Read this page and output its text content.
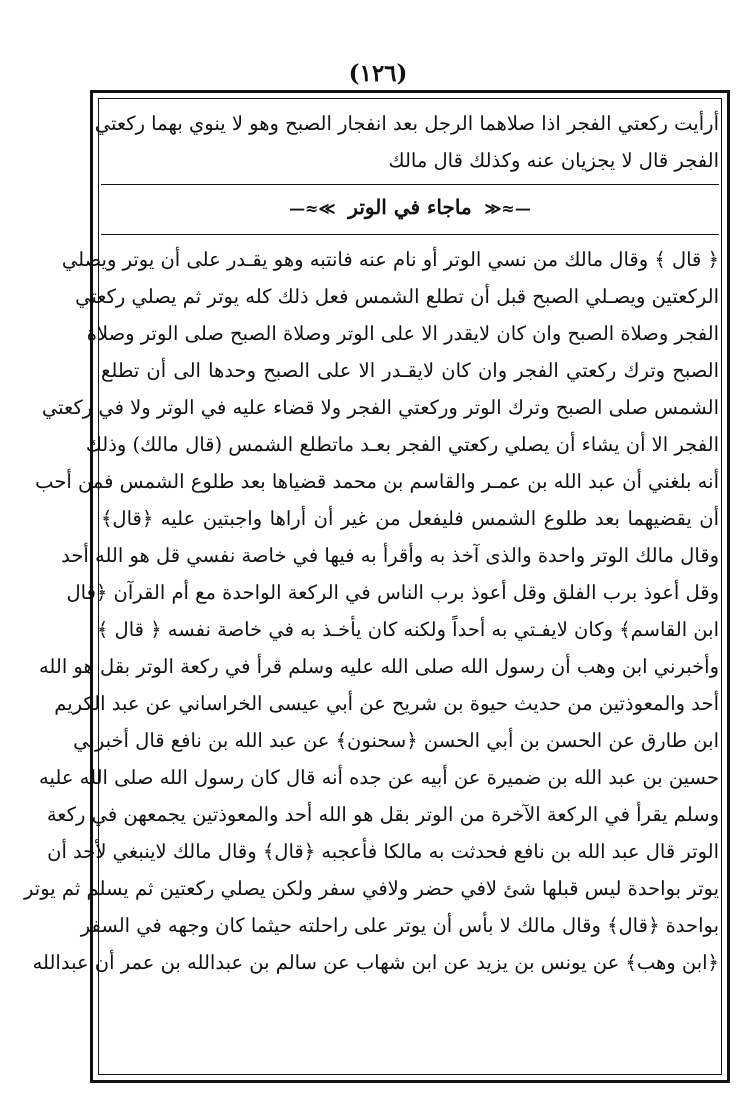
(١٢٦)
أرأيت ركعتي الفجر اذا صلاهما الرجل بعد انفجار الصبح وهو لا ينوي بهما ركعتي
الفجر قال لا يجزيان عنه وكذلك قال مالك
—≈≪ ماجاء في الوتر ≫≈—
﴿ قال ﴾ وقال مالك من نسي الوتر أو نام عنه فانتبه وهو يقـدر على أن يوتر ويصلي
الركعتين ويصـلي الصبح قبل أن تطلع الشمس فعل ذلك كله يوتر ثم يصلي ركعتي
الفجر وصلاة الصبح وان كان لايقدر الا على الوتر وصلاة الصبح صلى الوتر وصلاة
الصبح وترك ركعتي الفجر وان كان لايقـدر الا على الصبح وحدها الى أن تطلع
الشمس صلى الصبح وترك الوتر وركعتي الفجر ولا قضاء عليه في الوتر ولا في ركعتي
الفجر الا أن يشاء أن يصلي ركعتي الفجر بعـد ماتطلع الشمس (قال مالك) وذلك
أنه بلغني أن عبد الله بن عمـر والقاسم بن محمد قضياها بعد طلوع الشمس فمن أحب
أن يقضيهما بعد طلوع الشمس فليفعل من غير أن أراها واجبتين عليه ﴿قال﴾
وقال مالك الوتر واحدة والذى آخذ به وأقرأ به فيها في خاصة نفسي قل هو الله أحد
وقل أعوذ برب الفلق وقل أعوذ برب الناس في الركعة الواحدة مع أم القرآن ﴿قال
ابن القاسم﴾ وكان لايفـتي به أحداً ولكنه كان يأخـذ به في خاصة نفسه ﴿ قال ﴾
وأخبرني ابن وهب أن رسول الله صلى الله عليه وسلم قرأ في ركعة الوتر بقل هو الله
أحد والمعوذتين من حديث حيوة بن شريح عن أبي عيسى الخراساني عن عبد الكريم
ابن طارق عن الحسن بن أبي الحسن ﴿سحنون﴾ عن عبد الله بن نافع قال أخبرني
حسين بن عبد الله بن ضميرة عن أبيه عن جده أنه قال كان رسول الله صلى الله عليه
وسلم يقرأ في الركعة الآخرة من الوتر بقل هو الله أحد والمعوذتين يجمعهن في ركعة
الوتر قال عبد الله بن نافع فحدثت به مالكا فأعجبه ﴿قال﴾ وقال مالك لاينبغي لأحد أن
يوتر بواحدة ليس قبلها شئ لافي حضر ولافي سفر ولكن يصلي ركعتين ثم يسلم ثم يوتر
بواحدة ﴿قال﴾ وقال مالك لا بأس أن يوتر على راحلته حيثما كان وجهه في السفر
﴿ابن وهب﴾ عن يونس بن يزيد عن ابن شهاب عن سالم بن عبدالله بن عمر أن عبدالله
